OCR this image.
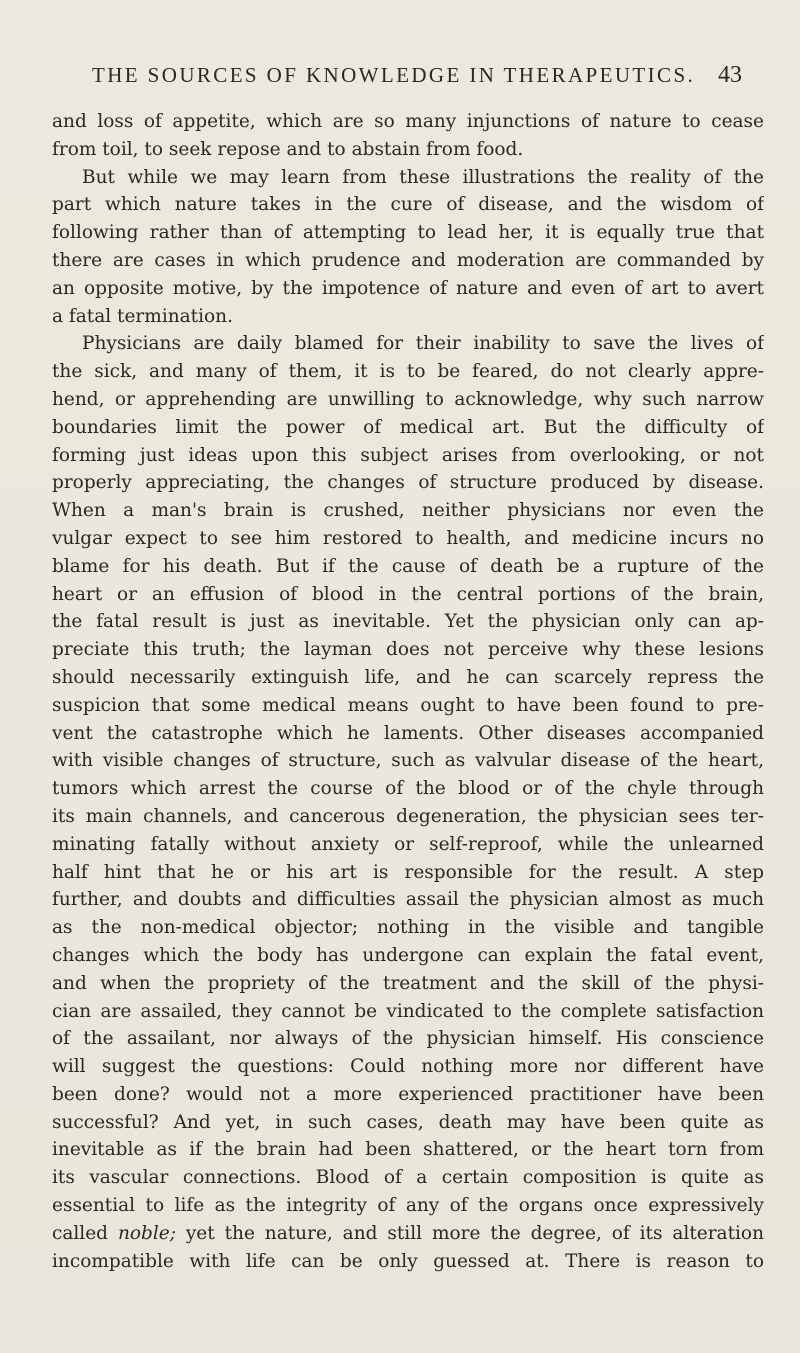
THE SOURCES OF KNOWLEDGE IN THERAPEUTICS. 43
and loss of appetite, which are so many injunctions of nature to cease
from toil, to seek repose and to abstain from food.
But while we may learn from these illustrations the reality of the
part which nature takes in the cure of disease, and the wisdom of
following rather than of attempting to lead her, it is equally true that
there are cases in which prudence and moderation are commanded by
an opposite motive, by the impotence of nature and even of art to avert
a fatal termination.
Physicians are daily blamed for their inability to save the lives of
the sick, and many of them, it is to be feared, do not clearly appre-
hend, or apprehending are unwilling to acknowledge, why such narrow
boundaries limit the power of medical art. But the difficulty of
forming just ideas upon this subject arises from overlooking, or not
properly appreciating, the changes of structure produced by disease.
When a man's brain is crushed, neither physicians nor even the
vulgar expect to see him restored to health, and medicine incurs no
blame for his death. But if the cause of death be a rupture of the
heart or an effusion of blood in the central portions of the brain,
the fatal result is just as inevitable. Yet the physician only can ap-
preciate this truth; the layman does not perceive why these lesions
should necessarily extinguish life, and he can scarcely repress the
suspicion that some medical means ought to have been found to pre-
vent the catastrophe which he laments. Other diseases accompanied
with visible changes of structure, such as valvular disease of the heart,
tumors which arrest the course of the blood or of the chyle through
its main channels, and cancerous degeneration, the physician sees ter-
minating fatally without anxiety or self-reproof, while the unlearned
half hint that he or his art is responsible for the result. A step
further, and doubts and difficulties assail the physician almost as much
as the non-medical objector; nothing in the visible and tangible
changes which the body has undergone can explain the fatal event,
and when the propriety of the treatment and the skill of the physi-
cian are assailed, they cannot be vindicated to the complete satisfaction
of the assailant, nor always of the physician himself. His conscience
will suggest the questions: Could nothing more nor different have
been done? would not a more experienced practitioner have been
successful? And yet, in such cases, death may have been quite as
inevitable as if the brain had been shattered, or the heart torn from
its vascular connections. Blood of a certain composition is quite as
essential to life as the integrity of any of the organs once expressively
called noble; yet the nature, and still more the degree, of its alteration
incompatible with life can be only guessed at. There is reason to
